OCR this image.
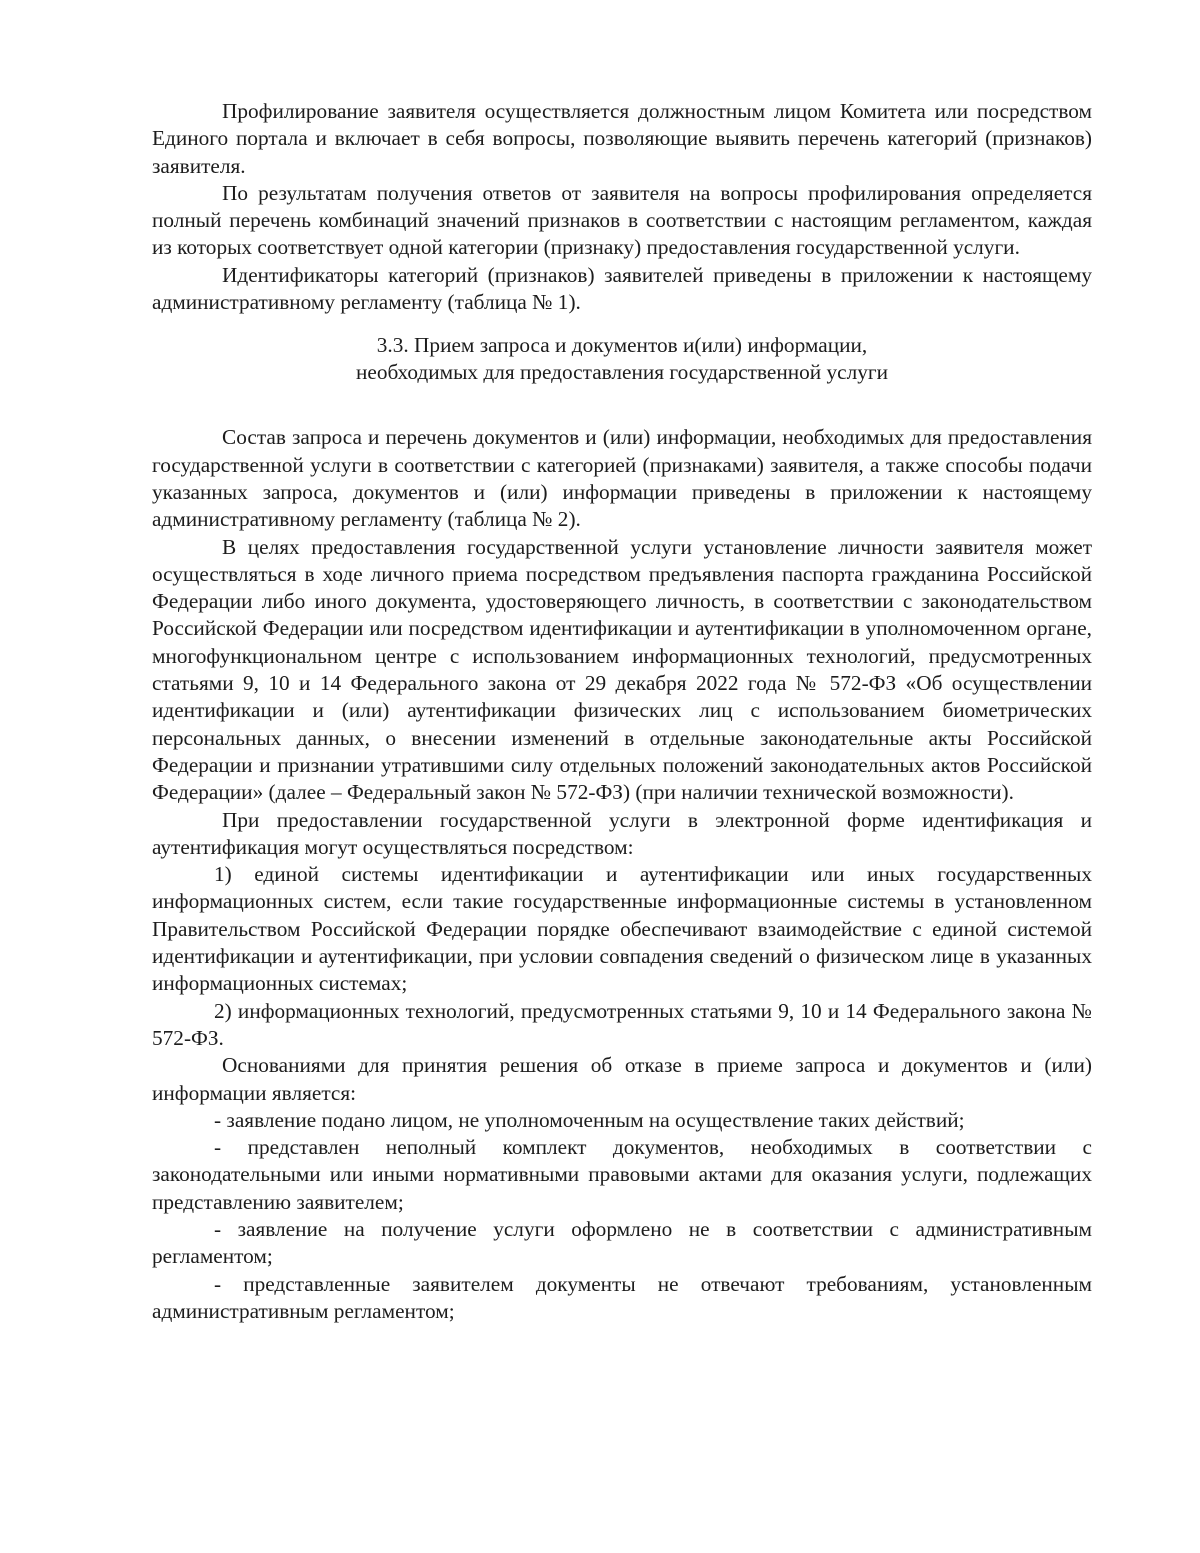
Профилирование заявителя осуществляется должностным лицом Комитета или посредством Единого портала и включает в себя вопросы, позволяющие выявить перечень категорий (признаков) заявителя.

По результатам получения ответов от заявителя на вопросы профилирования определяется полный перечень комбинаций значений признаков в соответствии с настоящим регламентом, каждая из которых соответствует одной категории (признаку) предоставления государственной услуги.

Идентификаторы категорий (признаков) заявителей приведены в приложении к настоящему административному регламенту (таблица № 1).

3.3. Прием запроса и документов и(или) информации,
необходимых для предоставления государственной услуги

Состав запроса и перечень документов и (или) информации, необходимых для предоставления государственной услуги в соответствии с категорией (признаками) заявителя, а также способы подачи указанных запроса, документов и (или) информации приведены в приложении к настоящему административному регламенту (таблица № 2).

В целях предоставления государственной услуги установление личности заявителя может осуществляться в ходе личного приема посредством предъявления паспорта гражданина Российской Федерации либо иного документа, удостоверяющего личность, в соответствии с законодательством Российской Федерации или посредством идентификации и аутентификации в уполномоченном органе, многофункциональном центре с использованием информационных технологий, предусмотренных статьями 9, 10 и 14 Федерального закона от 29 декабря 2022 года № 572-ФЗ «Об осуществлении идентификации и (или) аутентификации физических лиц с использованием биометрических персональных данных, о внесении изменений в отдельные законодательные акты Российской Федерации и признании утратившими силу отдельных положений законодательных актов Российской Федерации» (далее – Федеральный закон № 572-ФЗ) (при наличии технической возможности).

При предоставлении государственной услуги в электронной форме идентификация и аутентификация могут осуществляться посредством:

1) единой системы идентификации и аутентификации или иных государственных информационных систем, если такие государственные информационные системы в установленном Правительством Российской Федерации порядке обеспечивают взаимодействие с единой системой идентификации и аутентификации, при условии совпадения сведений о физическом лице в указанных информационных системах;

2) информационных технологий, предусмотренных статьями 9, 10 и 14 Федерального закона № 572-ФЗ.

Основаниями для принятия решения об отказе в приеме запроса и документов и (или) информации является:

- заявление подано лицом, не уполномоченным на осуществление таких действий;

- представлен неполный комплект документов, необходимых в соответствии с законодательными или иными нормативными правовыми актами для оказания услуги, подлежащих представлению заявителем;

- заявление на получение услуги оформлено не в соответствии с административным регламентом;

- представленные заявителем документы не отвечают требованиям, установленным административным регламентом;
